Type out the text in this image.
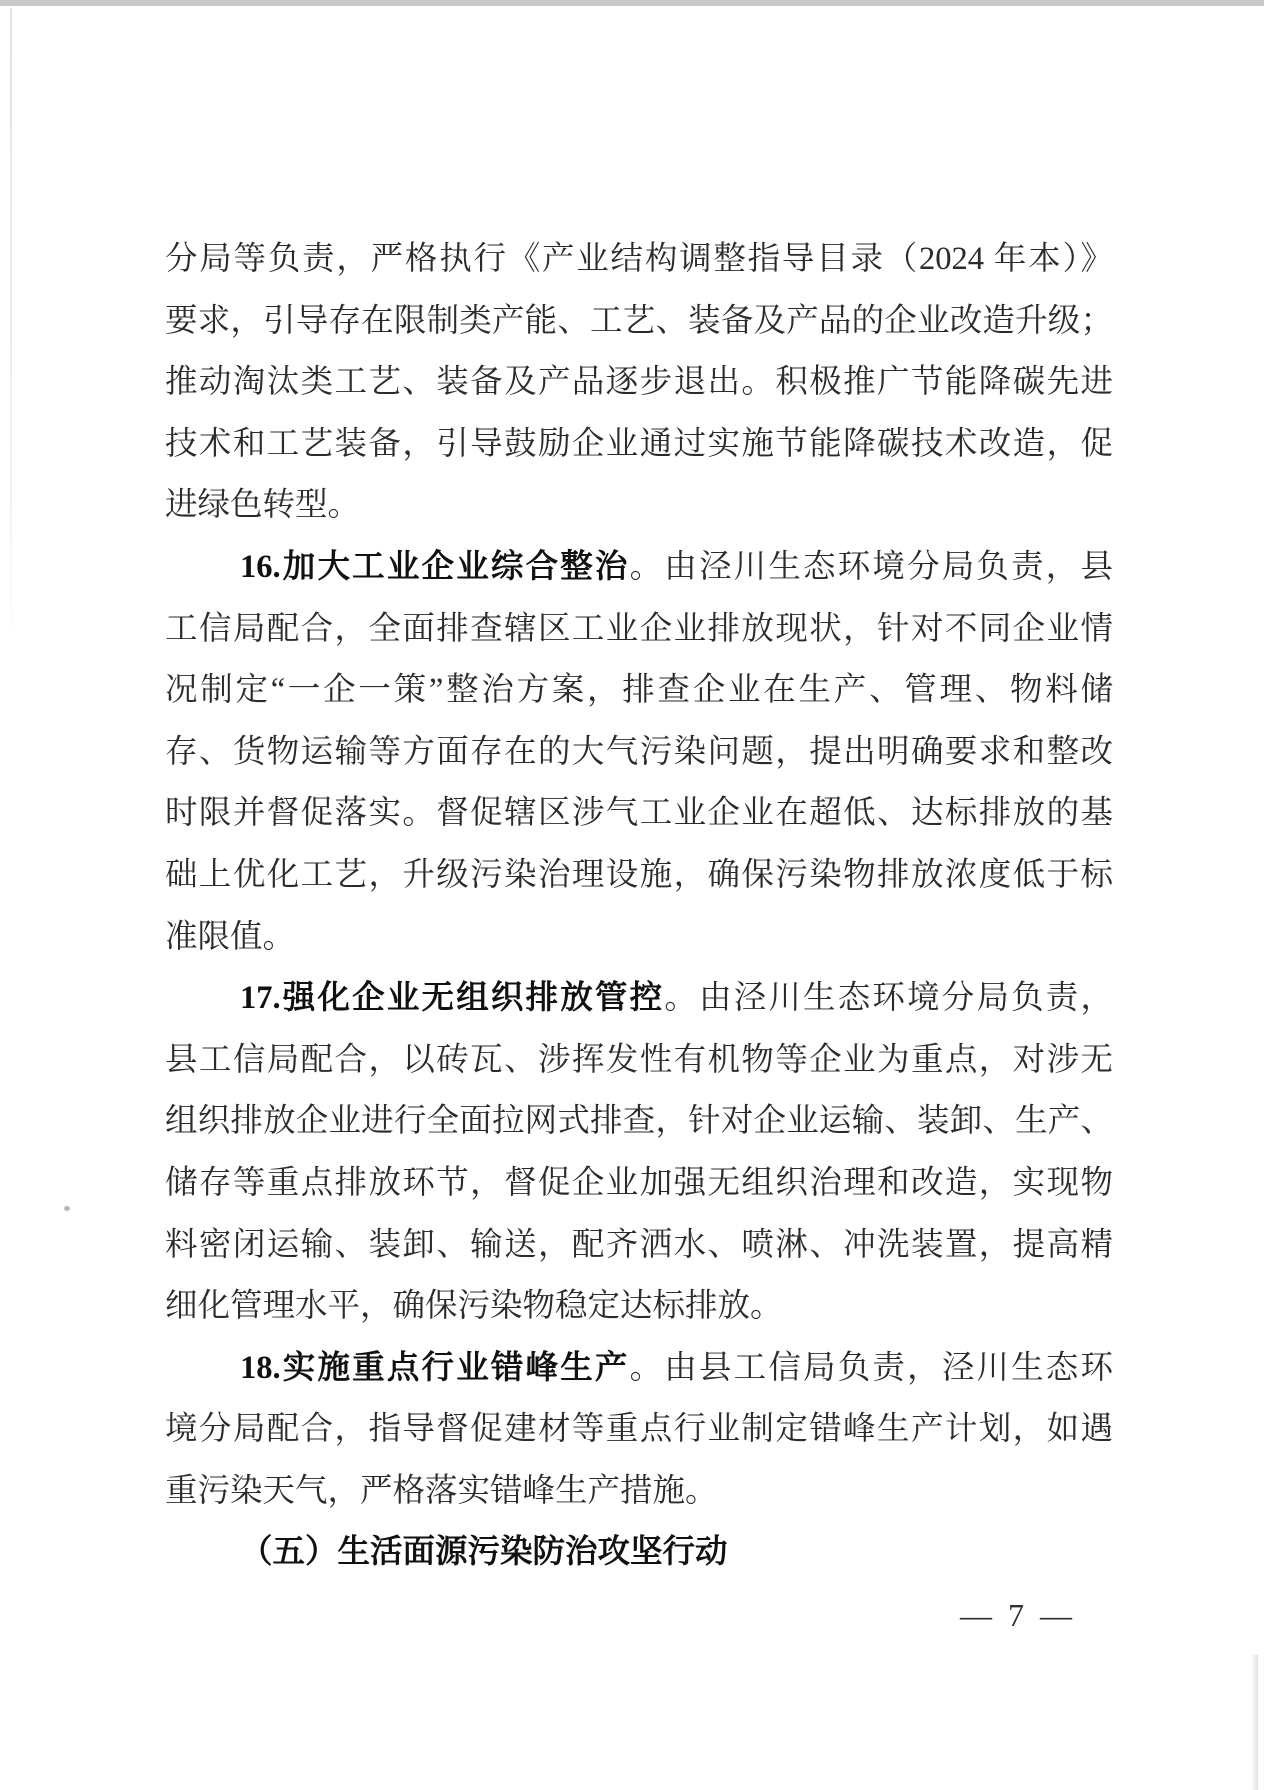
分局等负责，严格执行《产业结构调整指导目录（2024 年本）》
要求，引导存在限制类产能、工艺、装备及产品的企业改造升级；
推动淘汰类工艺、装备及产品逐步退出。积极推广节能降碳先进
技术和工艺装备，引导鼓励企业通过实施节能降碳技术改造，促
进绿色转型。
16.加大工业企业综合整治。由泾川生态环境分局负责，县
工信局配合，全面排查辖区工业企业排放现状，针对不同企业情
况制定“一企一策”整治方案，排查企业在生产、管理、物料储
存、货物运输等方面存在的大气污染问题，提出明确要求和整改
时限并督促落实。督促辖区涉气工业企业在超低、达标排放的基
础上优化工艺，升级污染治理设施，确保污染物排放浓度低于标
准限值。
17.强化企业无组织排放管控。由泾川生态环境分局负责，
县工信局配合，以砖瓦、涉挥发性有机物等企业为重点，对涉无
组织排放企业进行全面拉网式排查，针对企业运输、装卸、生产、
储存等重点排放环节，督促企业加强无组织治理和改造，实现物
料密闭运输、装卸、输送，配齐洒水、喷淋、冲洗装置，提高精
细化管理水平，确保污染物稳定达标排放。
18.实施重点行业错峰生产。由县工信局负责，泾川生态环
境分局配合，指导督促建材等重点行业制定错峰生产计划，如遇
重污染天气，严格落实错峰生产措施。
（五）生活面源污染防治攻坚行动
— 7 —
